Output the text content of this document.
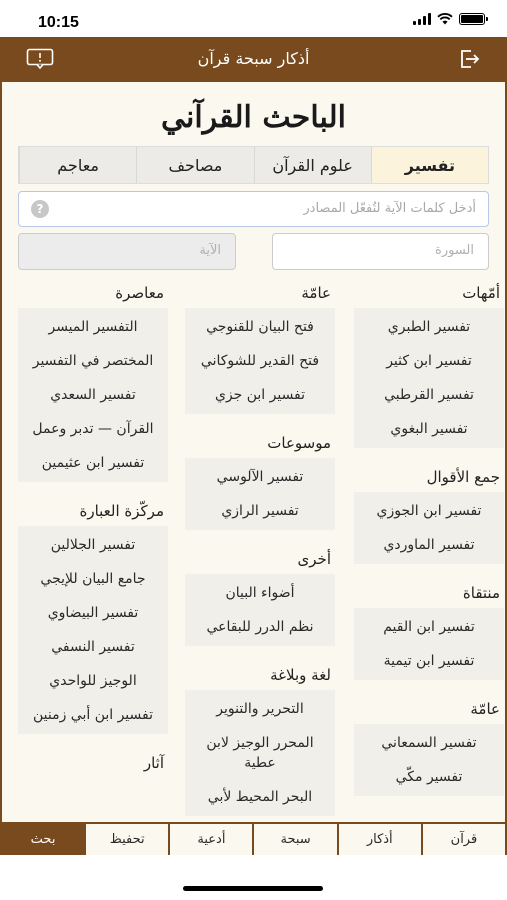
10:15
أذكار سبحة قرآن
الباحث القرآني
تفسير
علوم القرآن
مصاحف
معاجم
أدخل كلمات الآية لتُفعّل المصادر
?
السورة
الآية
أمّهات
تفسير الطبري
تفسير ابن كثير
تفسير القرطبي
تفسير البغوي
جمع الأقوال
تفسير ابن الجوزي
تفسير الماوردي
منتقاة
تفسير ابن القيم
تفسير ابن تيمية
عامّة
تفسير السمعاني
تفسير مكّي
عامّة
فتح البيان للقنوجي
فتح القدير للشوكاني
تفسير ابن جزي
موسوعات
تفسير الآلوسي
تفسير الرازي
أخرى
أضواء البيان
نظم الدرر للبقاعي
لغة وبلاغة
التحرير والتنوير
المحرر الوجيز لابن عطية
البحر المحيط لأبي
معاصرة
التفسير الميسر
المختصر في التفسير
تفسير السعدي
القرآن — تدبر وعمل
تفسير ابن عثيمين
مركّزة العبارة
تفسير الجلالين
جامع البيان للإيجي
تفسير البيضاوي
تفسير النسفي
الوجيز للواحدي
تفسير ابن أبي زمنين
آثار
قرآن
أذكار
سبحة
أدعية
تحفيظ
بحث
